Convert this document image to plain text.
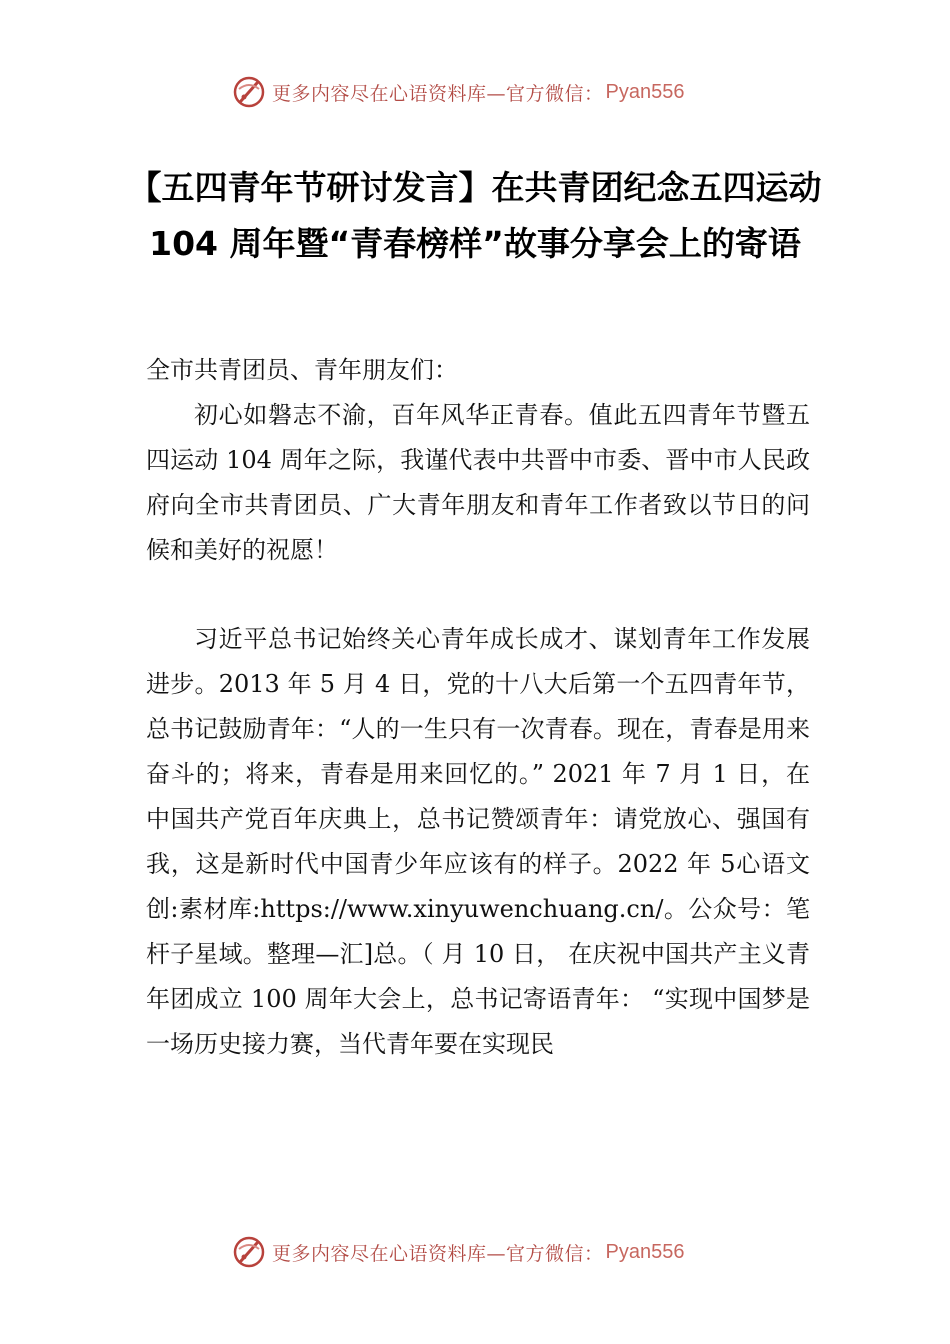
更多内容尽在心语资料库—官方微信： Pyan556
【五四青年节研讨发言】在共青团纪念五四运动 104 周年暨“青春榜样”故事分享会上的寄语

全市共青团员、青年朋友们：

初心如磐志不渝，百年风华正青春。值此五四青年节暨五四运动 104 周年之际，我谨代表中共晋中市委、晋中市人民政府向全市共青团员、广大青年朋友和青年工作者致以节日的问候和美好的祝愿！

习近平总书记始终关心青年成长成才、谋划青年工作发展进步。2013 年 5 月 4 日，党的十八大后第一个五四青年节，总书记鼓励青年：“人的一生只有一次青春。现在，青春是用来奋斗的；将来，青春是用来回忆的。” 2021 年 7 月 1 日，在中国共产党百年庆典上，总书记赞颂青年：请党放心、强国有我，这是新时代中国青少年应该有的样子。2022 年 5心语文创:素材库:https://www.xinyuwenchuang.cn/。公众号：笔杆子星域。整理—汇]总。（ 月 10 日， 在庆祝中国共产主义青年团成立 100 周年大会上，总书记寄语青年： “实现中国梦是一场历史接力赛，当代青年要在实现民

更多内容尽在心语资料库—官方微信： Pyan556
